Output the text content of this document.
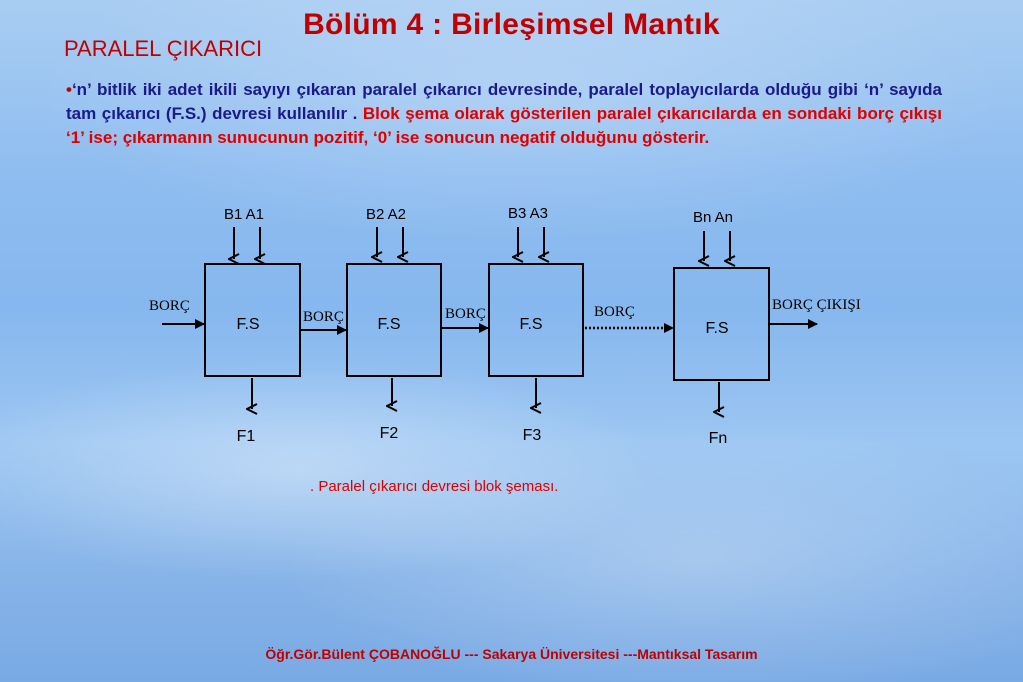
Bölüm 4 : Birleşimsel Mantık
PARALEL ÇIKARICI
•‘n’ bitlik iki adet ikili sayıyı çıkaran paralel çıkarıcı devresinde, paralel toplayıcılarda olduğu gibi ‘n’ sayıda tam çıkarıcı (F.S.) devresi kullanılır . Blok şema olarak gösterilen paralel çıkarıcılarda en sondaki borç çıkışı ‘1’ ise; çıkarmanın sunucunun pozitif, ‘0’ ise sonucun negatif olduğunu gösterir.
B1 A1
F.S
F1
B2 A2
F.S
F2
B3 A3
F.S
F3
Bn An
F.S
Fn
BORÇ
BORÇ	BORÇ	BORÇ	BORÇ ÇIKIŞI
. Paralel çıkarıcı devresi blok şeması.
Öğr.Gör.Bülent ÇOBANOĞLU --- Sakarya Üniversitesi ---Mantıksal Tasarım
